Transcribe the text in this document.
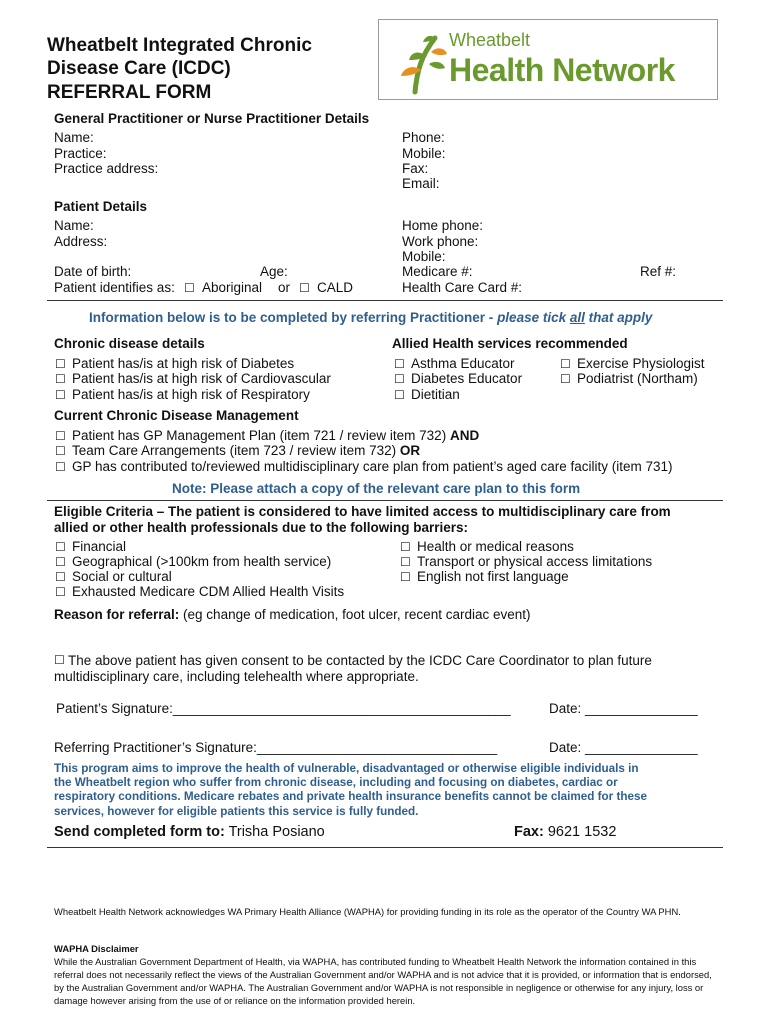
Wheatbelt Integrated Chronic
Disease Care (ICDC)
REFERRAL FORM
Wheatbelt
Health Network
General Practitioner or Nurse Practitioner Details
Name:
Practice:
Practice address:
Phone:
Mobile:
Fax:
Email:
Patient Details
Name:
Address:
Date of birth:	Age:
Patient identifies as: ☐ Aboriginal or ☐ CALD
Home phone:
Work phone:
Mobile:
Medicare #:	Ref #:
Health Care Card #:
Information below is to be completed by referring Practitioner - please tick all that apply
Chronic disease details
☐ Patient has/is at high risk of Diabetes
☐ Patient has/is at high risk of Cardiovascular
☐ Patient has/is at high risk of Respiratory
Allied Health services recommended
☐ Asthma Educator
☐ Diabetes Educator
☐ Dietitian
☐ Exercise Physiologist
☐ Podiatrist (Northam)
Current Chronic Disease Management
☐ Patient has GP Management Plan (item 721 / review item 732) AND
☐ Team Care Arrangements (item 723 / review item 732) OR
☐ GP has contributed to/reviewed multidisciplinary care plan from patient’s aged care facility (item 731)
Note: Please attach a copy of the relevant care plan to this form
Eligible Criteria – The patient is considered to have limited access to multidisciplinary care from
allied or other health professionals due to the following barriers:
☐ Financial
☐ Geographical (>100km from health service)
☐ Social or cultural
☐ Exhausted Medicare CDM Allied Health Visits
☐ Health or medical reasons
☐ Transport or physical access limitations
☐ English not first language
Reason for referral: (eg change of medication, foot ulcer, recent cardiac event)
☐ The above patient has given consent to be contacted by the ICDC Care Coordinator to plan future
multidisciplinary care, including telehealth where appropriate.
Patient’s Signature:_____________________________________________	Date: _______________
Referring Practitioner’s Signature:________________________________	Date: _______________
This program aims to improve the health of vulnerable, disadvantaged or otherwise eligible individuals in
the Wheatbelt region who suffer from chronic disease, including and focusing on diabetes, cardiac or
respiratory conditions. Medicare rebates and private health insurance benefits cannot be claimed for these
services, however for eligible patients this service is fully funded.
Send completed form to: Trisha Posiano	Fax: 9621 1532
Wheatbelt Health Network acknowledges WA Primary Health Alliance (WAPHA) for providing funding in its role as the operator of the Country WA PHN.
WAPHA Disclaimer
While the Australian Government Department of Health, via WAPHA, has contributed funding to Wheatbelt Health Network the information contained in this referral does not necessarily reflect the views of the Australian Government and/or WAPHA and is not advice that it is provided, or information that is endorsed, by the Australian Government and/or WAPHA. The Australian Government and/or WAPHA is not responsible in negligence or otherwise for any injury, loss or damage however arising from the use of or reliance on the information provided herein.
